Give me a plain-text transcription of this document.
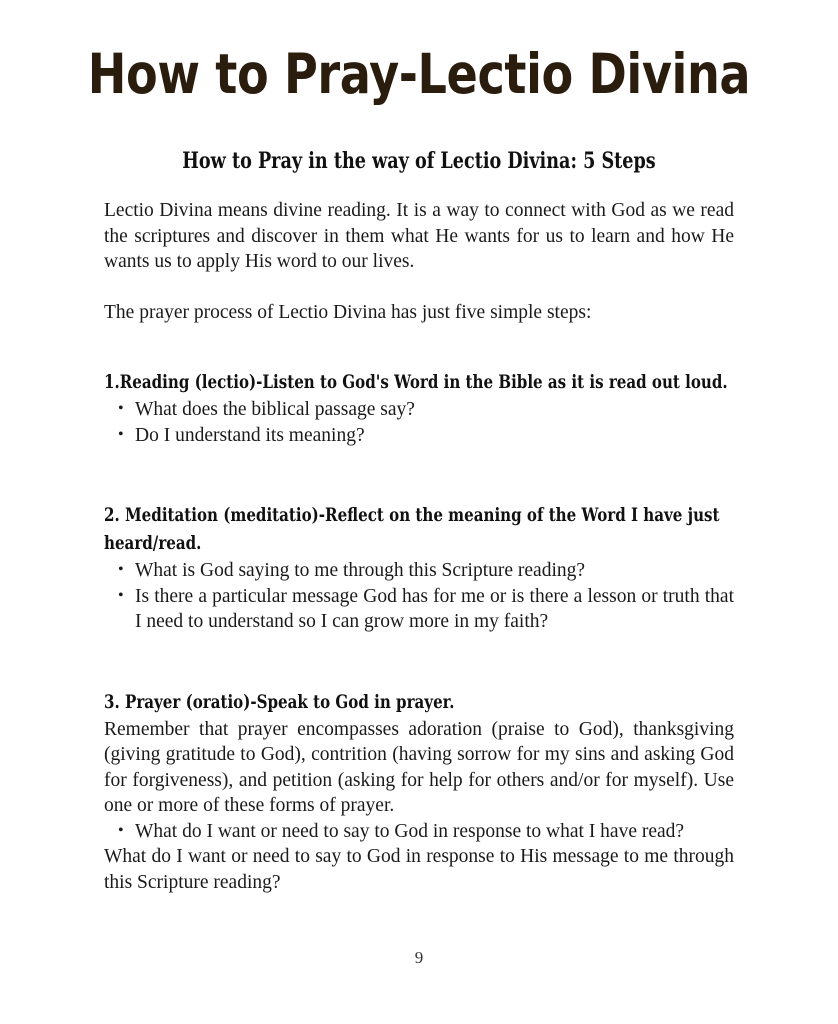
How to Pray-Lectio Divina
How to Pray in the way of Lectio Divina: 5 Steps

Lectio Divina means divine reading. It is a way to connect with God as we read the scriptures and discover in them what He wants for us to learn and how He wants us to apply His word to our lives.

The prayer process of Lectio Divina has just five simple steps:

1.Reading (lectio)-Listen to God's Word in the Bible as it is read out loud.
• What does the biblical passage say?
• Do I understand its meaning?
2. Meditation (meditatio)-Reflect on the meaning of the Word I have just heard/read.
• What is God saying to me through this Scripture reading?
• Is there a particular message God has for me or is there a lesson or truth that I need to understand so I can grow more in my faith?
3. Prayer (oratio)-Speak to God in prayer.

Remember that prayer encompasses adoration (praise to God), thanksgiving (giving gratitude to God), contrition (having sorrow for my sins and asking God for forgiveness), and petition (asking for help for others and/or for myself). Use one or more of these forms of prayer.

• What do I want or need to say to God in response to what I have read?

What do I want or need to say to God in response to His message to me through this Scripture reading?

9
